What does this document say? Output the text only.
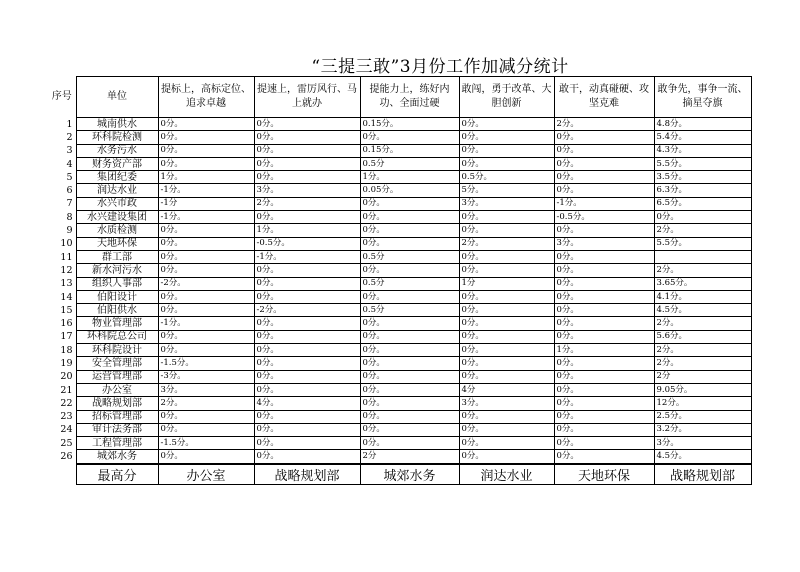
“三提三敢”3月份工作加减分统计
序号	单位	提标上，高标定位、追求卓越	提速上，雷厉风行、马上就办	提能力上，练好内功、全面过硬	敢闯，勇于改革、大胆创新	敢干，动真碰硬、攻坚克难	敢争先，事争一流、摘星夺旗
1	城南供水	0分。	0分。	0.15分。	0分。	2分。	4.8分。
2	环科院检测	0分。	0分。	0分。	0分。	0分。	5.4分。
3	水务污水	0分。	0分。	0.15分。	0分。	0分。	4.3分。
4	财务资产部	0分。	0分。	0.5分	0分。	0分。	5.5分。
5	集团纪委	1分。	0分。	1分。	0.5分。	0分。	3.5分。
6	润达水业	-1分。	3分。	0.05分。	5分。	0分。	6.3分。
7	水兴市政	-1分	2分。	0分。	3分。	-1分。	6.5分。
8	水兴建设集团	-1分。	0分。	0分。	0分。	-0.5分。	0分。
9	水质检测	0分。	1分。	0分。	0分。	0分。	2分。
10	天地环保	0分。	-0.5分。	0分。	2分。	3分。	5.5分。
11	群工部	0分。	-1分。	0.5分	0分。	0分。	
12	新水河污水	0分。	0分。	0分。	0分。	0分。	2分。
13	组织人事部	-2分。	0分。	0.5分	1分	0分。	3.65分。
14	伯阳设计	0分。	0分。	0分。	0分。	0分。	4.1分。
15	伯阳供水	0分。	-2分。	0.5分	0分。	0分。	4.5分。
16	物业管理部	-1分。	0分。	0分。	0分。	0分。	2分。
17	环科院总公司	0分。	0分。	0分。	0分。	0分。	5.6分。
18	环科院设计	0分。	0分。	0分。	0分。	1分。	2分。
19	安全管理部	-1.5分。	0分。	0分。	0分。	0分。	2分。
20	运营管理部	-3分。	0分。	0分。	0分。	0分。	2分
21	办公室	3分。	0分。	0分。	4分	0分。	9.05分。
22	战略规划部	2分。	4分。	0分。	3分。	0分。	12分。
23	招标管理部	0分。	0分。	0分。	0分。	0分。	2.5分。
24	审计法务部	0分。	0分。	0分。	0分。	0分。	3.2分。
25	工程管理部	-1.5分。	0分。	0分。	0分。	0分。	3分。
26	城郊水务	0分。	0分。	2分	0分。	0分。	4.5分。
	最高分	办公室	战略规划部	城郊水务	润达水业	天地环保	战略规划部
